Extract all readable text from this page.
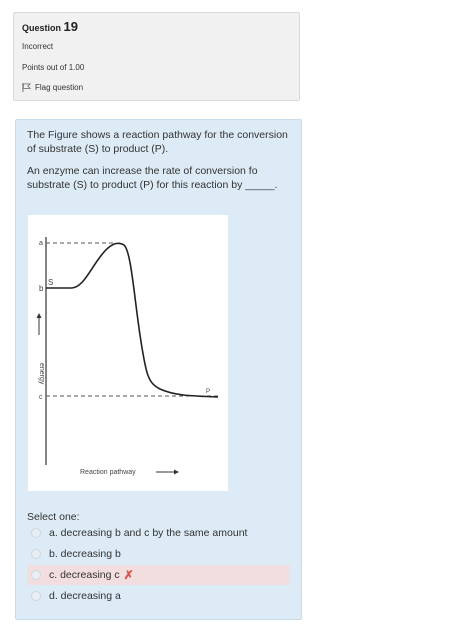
Question 19
Incorrect
Points out of 1.00
Flag question

The Figure shows a reaction pathway for the conversion of substrate (S) to product (P).

An enzyme can increase the rate of conversion fo substrate (S) to product (P) for this reaction by _____.

a
b
c
S
P
energy
Reaction pathway
Select one:
a. decreasing b and c by the same amount
b. decreasing b
c. decreasing c ✗
d. decreasing a
